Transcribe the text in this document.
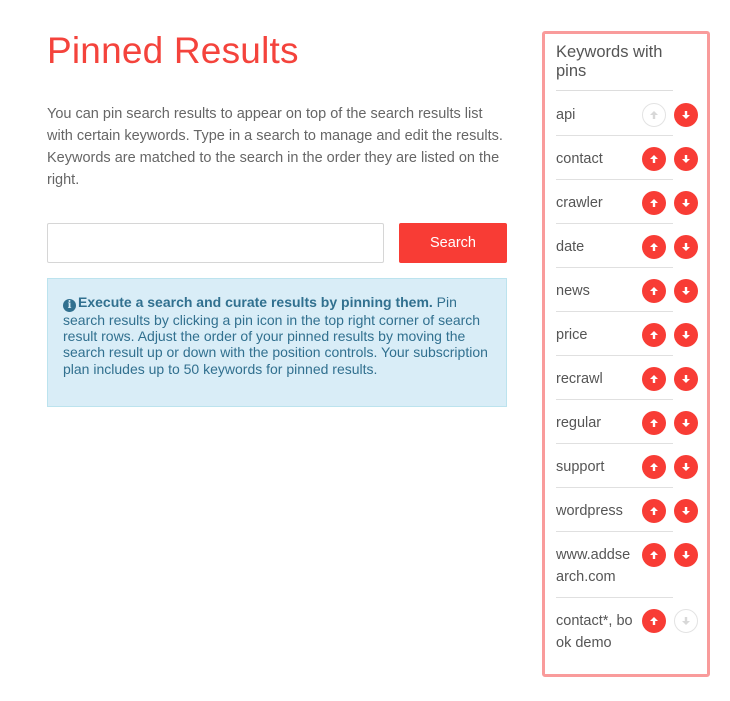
Pinned Results

You can pin search results to appear on top of the search results list with certain keywords. Type in a search to manage and edit the results. Keywords are matched to the search in the order they are listed on the right.

Search
i Execute a search and curate results by pinning them. Pin search results by clicking a pin icon in the top right corner of search result rows. Adjust the order of your pinned results by moving the search result up or down with the position controls. Your subscription plan includes up to 50 keywords for pinned results.
Keywords with pins
api
contact
crawler
date
news
price
recrawl
regular
support
wordpress
www.addsearch.com
contact*, book demo
